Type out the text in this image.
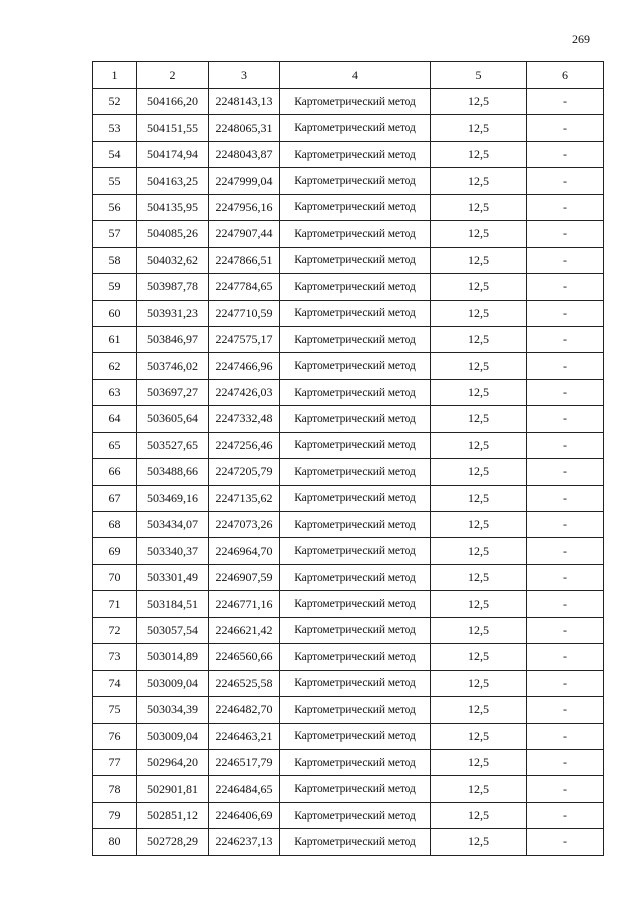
269
1	2	3	4	5	6
52	504166,20	2248143,13	Картометрический метод	12,5	-
53	504151,55	2248065,31	Картометрический метод	12,5	-
54	504174,94	2248043,87	Картометрический метод	12,5	-
55	504163,25	2247999,04	Картометрический метод	12,5	-
56	504135,95	2247956,16	Картометрический метод	12,5	-
57	504085,26	2247907,44	Картометрический метод	12,5	-
58	504032,62	2247866,51	Картометрический метод	12,5	-
59	503987,78	2247784,65	Картометрический метод	12,5	-
60	503931,23	2247710,59	Картометрический метод	12,5	-
61	503846,97	2247575,17	Картометрический метод	12,5	-
62	503746,02	2247466,96	Картометрический метод	12,5	-
63	503697,27	2247426,03	Картометрический метод	12,5	-
64	503605,64	2247332,48	Картометрический метод	12,5	-
65	503527,65	2247256,46	Картометрический метод	12,5	-
66	503488,66	2247205,79	Картометрический метод	12,5	-
67	503469,16	2247135,62	Картометрический метод	12,5	-
68	503434,07	2247073,26	Картометрический метод	12,5	-
69	503340,37	2246964,70	Картометрический метод	12,5	-
70	503301,49	2246907,59	Картометрический метод	12,5	-
71	503184,51	2246771,16	Картометрический метод	12,5	-
72	503057,54	2246621,42	Картометрический метод	12,5	-
73	503014,89	2246560,66	Картометрический метод	12,5	-
74	503009,04	2246525,58	Картометрический метод	12,5	-
75	503034,39	2246482,70	Картометрический метод	12,5	-
76	503009,04	2246463,21	Картометрический метод	12,5	-
77	502964,20	2246517,79	Картометрический метод	12,5	-
78	502901,81	2246484,65	Картометрический метод	12,5	-
79	502851,12	2246406,69	Картометрический метод	12,5	-
80	502728,29	2246237,13	Картометрический метод	12,5	-
